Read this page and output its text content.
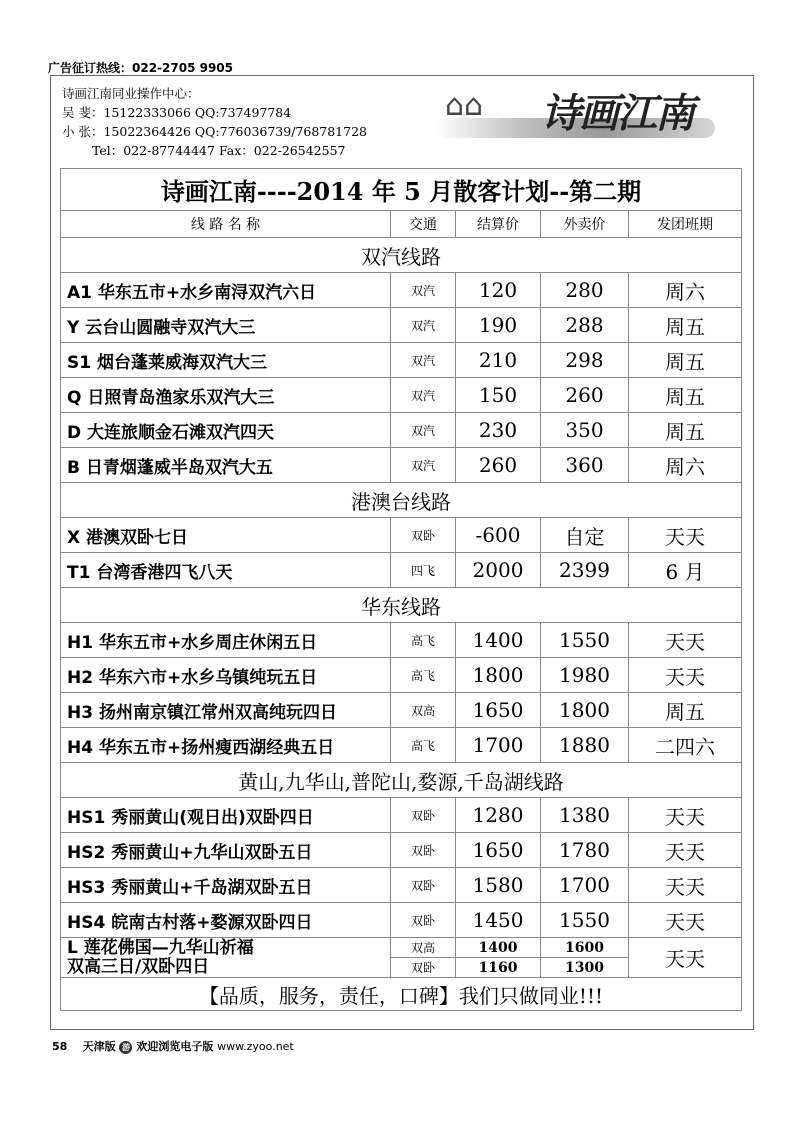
广告征订热线：022-2705 9905
诗画江南同业操作中心：
吴 斐：15122333066 QQ:737497784
小 张：15022364426 QQ:776036739/768781728
Tel：022-87744447 Fax：022-26542557
⌂⌂ 诗画江南
诗画江南----2014 年 5 月散客计划--第二期				
线 路 名 称	交通	结算价	外卖价	发团班期
双汽线路				
A1 华东五市+水乡南浔双汽六日	双汽	120	280	周六
Y 云台山圆融寺双汽大三	双汽	190	288	周五
S1 烟台蓬莱威海双汽大三	双汽	210	298	周五
Q 日照青岛渔家乐双汽大三	双汽	150	260	周五
D 大连旅顺金石滩双汽四天	双汽	230	350	周五
B 日青烟蓬威半岛双汽大五	双汽	260	360	周六
港澳台线路				
X 港澳双卧七日	双卧	-600	自定	天天
T1 台湾香港四飞八天	四飞	2000	2399	6 月
华东线路				
H1 华东五市+水乡周庄休闲五日	高飞	1400	1550	天天
H2 华东六市+水乡乌镇纯玩五日	高飞	1800	1980	天天
H3 扬州南京镇江常州双高纯玩四日	双高	1650	1800	周五
H4 华东五市+扬州瘦西湖经典五日	高飞	1700	1880	二四六
黄山,九华山,普陀山,婺源,千岛湖线路				
HS1 秀丽黄山(观日出)双卧四日	双卧	1280	1380	天天
HS2 秀丽黄山+九华山双卧五日	双卧	1650	1780	天天
HS3 秀丽黄山+千岛湖双卧五日	双卧	1580	1700	天天
HS4 皖南古村落+婺源双卧四日	双卧	1450	1550	天天

L 莲花佛国—九华山祈福
双高三日/双卧四日	双高	1400	1600	天天
	双卧	1160	1300	
【品质，服务，责任，口碑】我们只做同业!!!				
58 天津版 游 欢迎浏览电子版 www.zyoo.net
